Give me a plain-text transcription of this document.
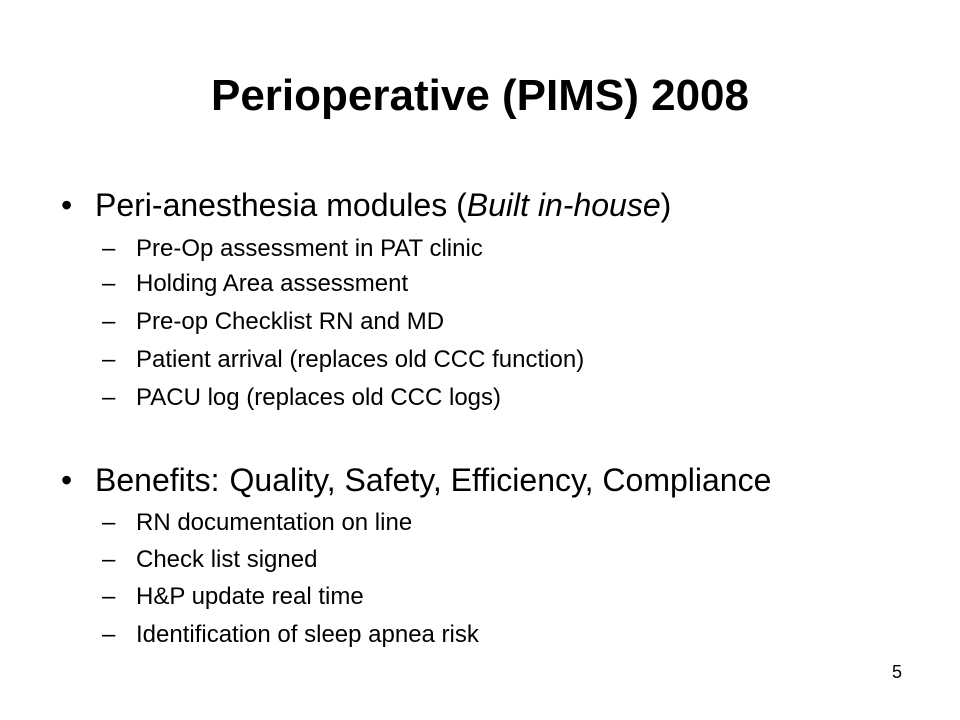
Perioperative (PIMS) 2008
• Peri-anesthesia modules (Built in-house)
– Pre-Op assessment in PAT clinic
– Holding Area assessment
– Pre-op Checklist RN and MD
– Patient arrival (replaces old CCC function)
– PACU log (replaces old CCC logs)
• Benefits: Quality, Safety, Efficiency, Compliance
– RN documentation on line
– Check list signed
– H&P update real time
– Identification of sleep apnea risk
5
